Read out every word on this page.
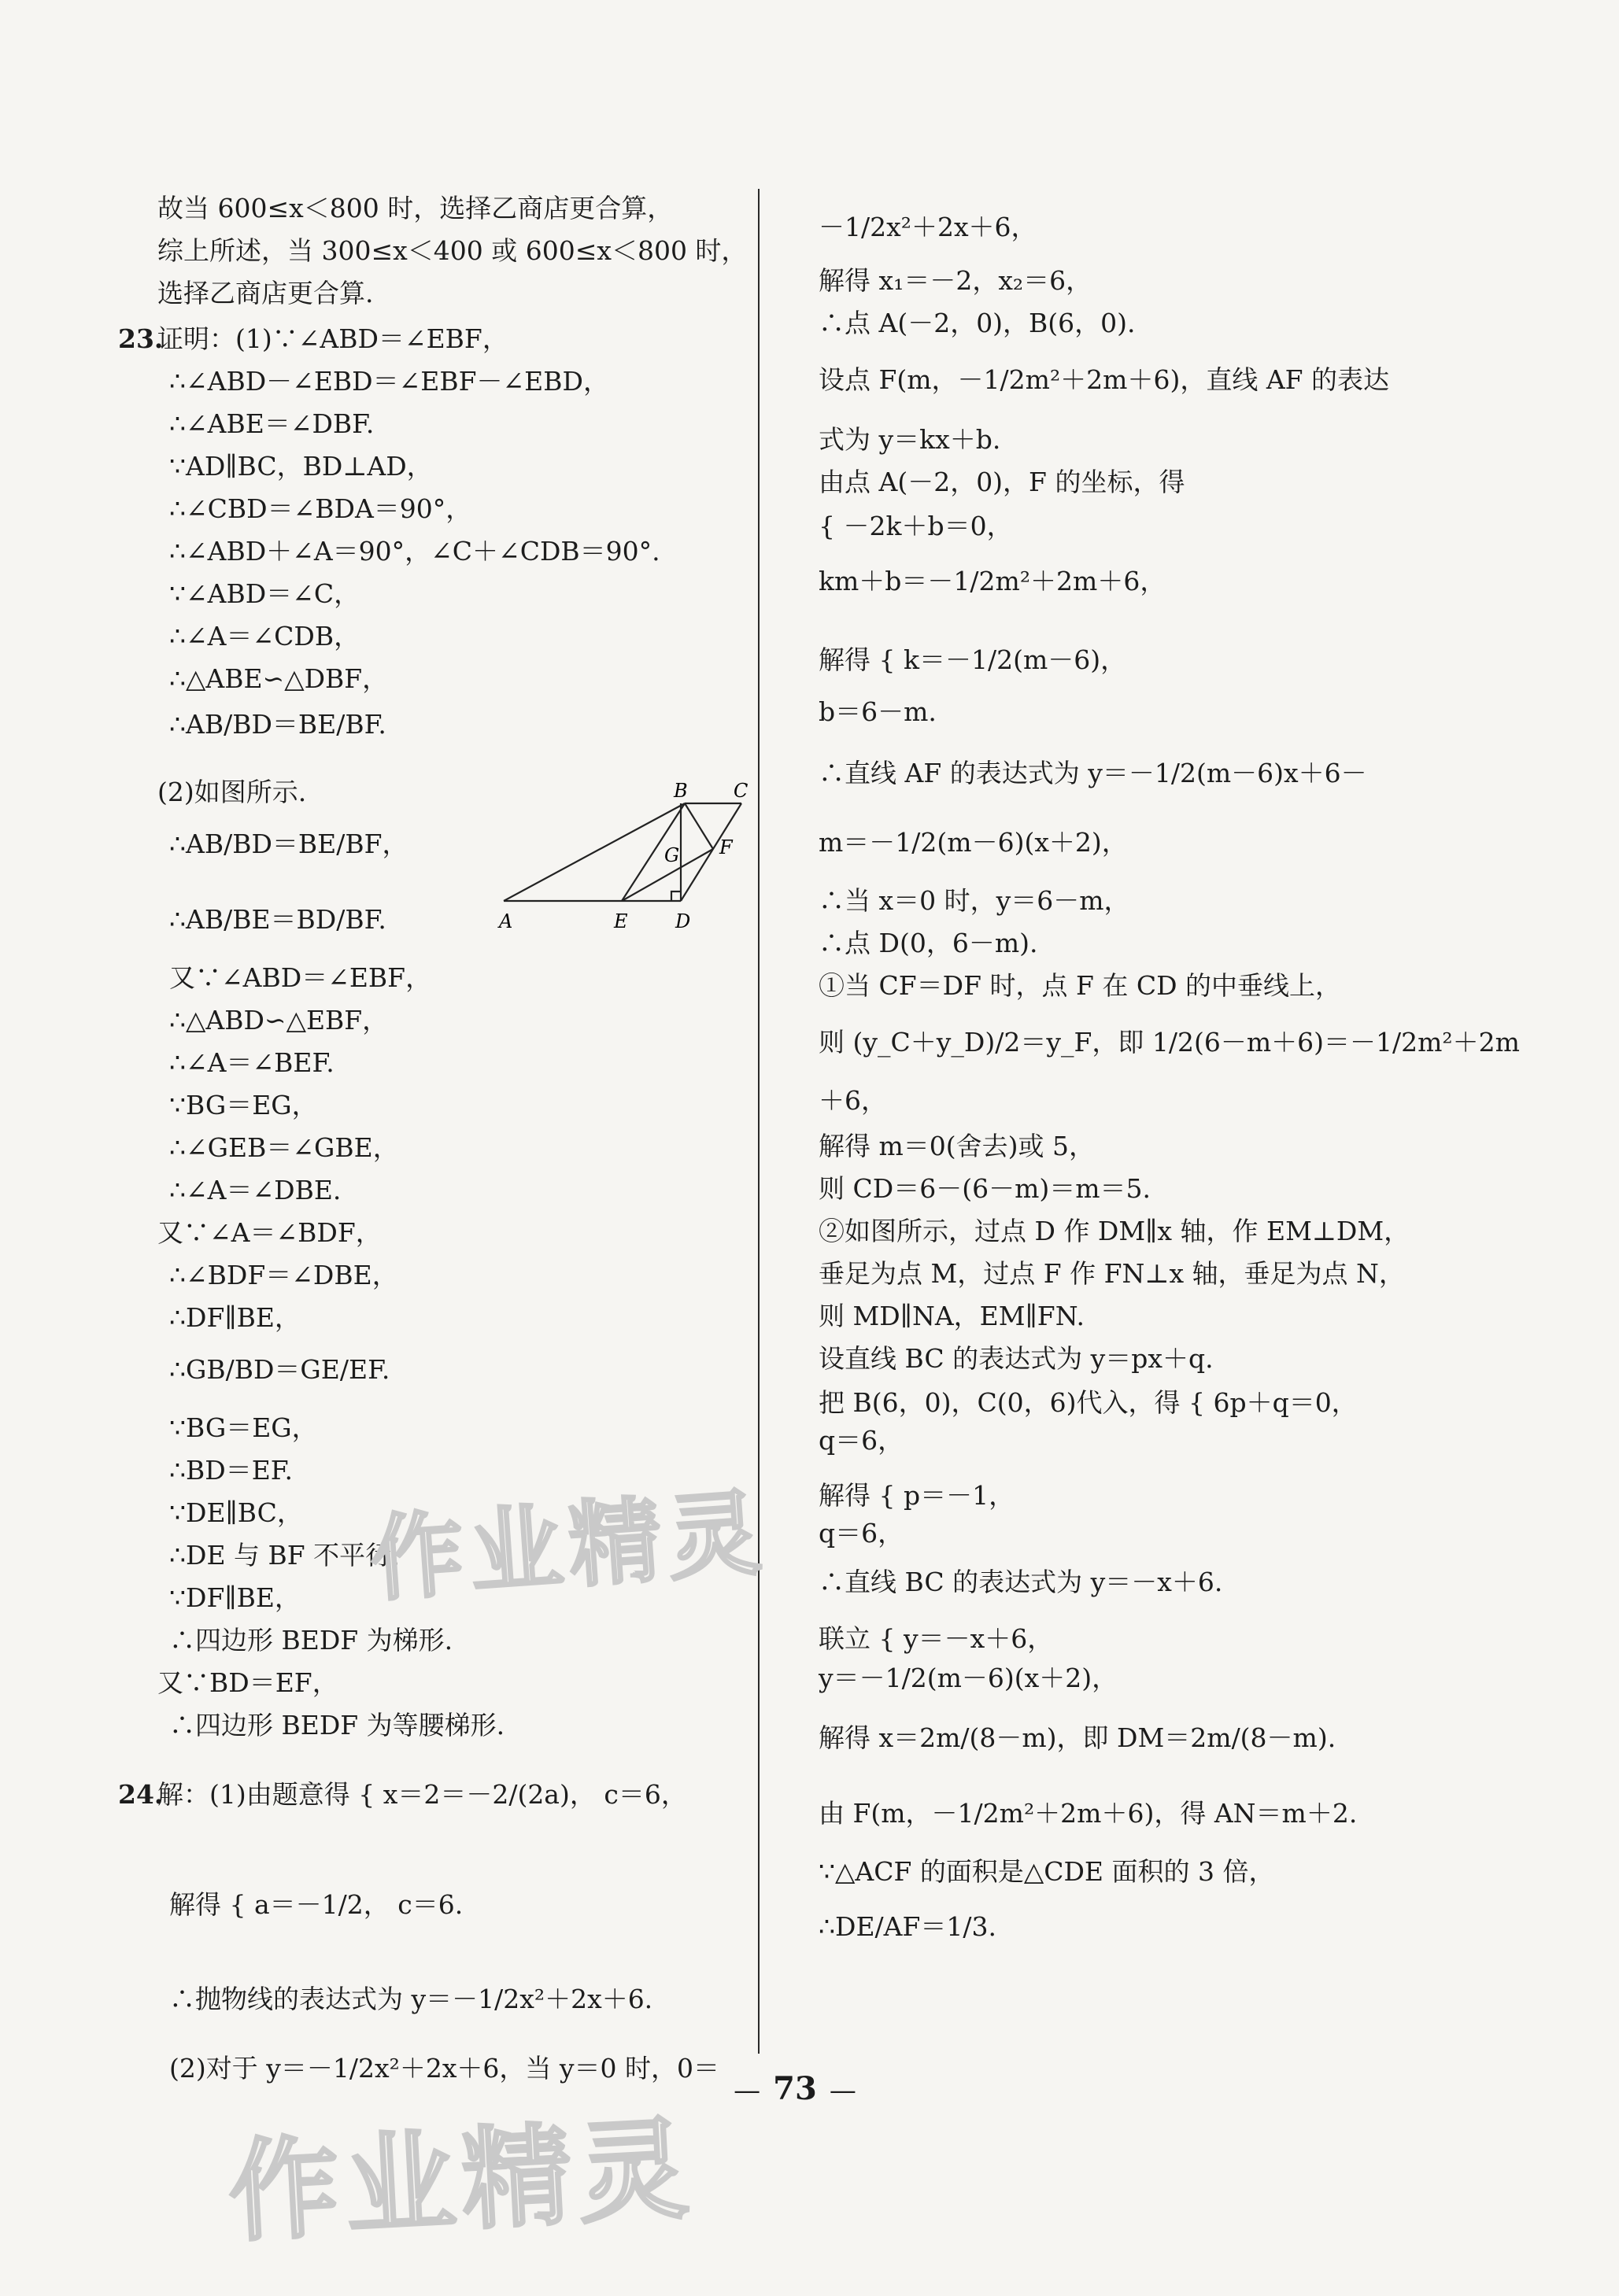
故当 600≤x＜800 时，选择乙商店更合算，
综上所述，当 300≤x＜400 或 600≤x＜800 时，
选择乙商店更合算.
23.
证明：(1)∵∠ABD＝∠EBF，
∴∠ABD－∠EBD＝∠EBF－∠EBD，
∴∠ABE＝∠DBF.
∵AD∥BC，BD⊥AD，
∴∠CBD＝∠BDA＝90°，
∴∠ABD＋∠A＝90°，∠C＋∠CDB＝90°.
∵∠ABD＝∠C，
∴∠A＝∠CDB，
∴△ABE∽△DBF，
∴AB/BD＝BE/BF.
(2)如图所示.
∴AB/BD＝BE/BF，
∴AB/BE＝BD/BF.
又∵∠ABD＝∠EBF，
∴△ABD∽△EBF，
∴∠A＝∠BEF.
∵BG＝EG，
∴∠GEB＝∠GBE，
∴∠A＝∠DBE.
又∵∠A＝∠BDF，
∴∠BDF＝∠DBE，
∴DF∥BE，
∴GB/BD＝GE/EF.
∵BG＝EG，
∴BD＝EF.
∵DE∥BC，
∴DE 与 BF 不平行，
∵DF∥BE，
∴四边形 BEDF 为梯形.
又∵BD＝EF，
∴四边形 BEDF 为等腰梯形.
24.
解：(1)由题意得 { x＝2＝－2/(2a)， c＝6，
解得 { a＝－1/2， c＝6.
∴抛物线的表达式为 y＝－1/2x²＋2x＋6.
(2)对于 y＝－1/2x²＋2x＋6，当 y＝0 时，0＝
B C
G F
A	E	D
－1/2x²＋2x＋6，
解得 x₁＝－2，x₂＝6，
∴点 A(－2，0)，B(6，0).
设点 F(m，－1/2m²＋2m＋6)，直线 AF 的表达
式为 y＝kx＋b.
由点 A(－2，0)，F 的坐标，得
{ －2k＋b＝0，
km＋b＝－1/2m²＋2m＋6，
解得 { k＝－1/2(m－6)，
b＝6－m.
∴直线 AF 的表达式为 y＝－1/2(m－6)x＋6－
m＝－1/2(m－6)(x＋2)，
∴当 x＝0 时，y＝6－m，
∴点 D(0，6－m).
①当 CF＝DF 时，点 F 在 CD 的中垂线上，
则 (y_C＋y_D)/2＝y_F，即 1/2(6－m＋6)＝－1/2m²＋2m
＋6，
解得 m＝0(舍去)或 5，
则 CD＝6－(6－m)＝m＝5.
②如图所示，过点 D 作 DM∥x 轴，作 EM⊥DM，
垂足为点 M，过点 F 作 FN⊥x 轴，垂足为点 N，
则 MD∥NA，EM∥FN.
设直线 BC 的表达式为 y＝px＋q.
把 B(6，0)，C(0，6)代入，得 { 6p＋q＝0，
q＝6，
解得 { p＝－1，
q＝6，
∴直线 BC 的表达式为 y＝－x＋6.
联立 { y＝－x＋6，
y＝－1/2(m－6)(x＋2)，
解得 x＝2m/(8－m)，即 DM＝2m/(8－m).
由 F(m，－1/2m²＋2m＋6)，得 AN＝m＋2.
∵△ACF 的面积是△CDE 面积的 3 倍，
∴DE/AF＝1/3.
作业精灵
作业精灵
— 73 —
